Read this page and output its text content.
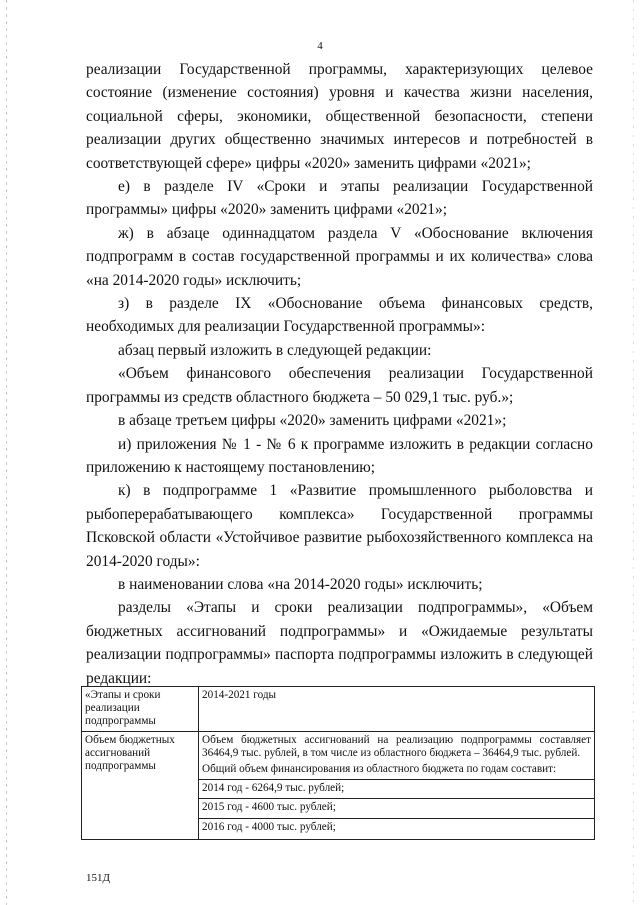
4

реализации Государственной программы, характеризующих целевое состояние (изменение состояния) уровня и качества жизни населения, социальной сферы, экономики, общественной безопасности, степени реализации других общественно значимых интересов и потребностей в соответствующей сфере» цифры «2020» заменить цифрами «2021»;

е) в разделе IV «Сроки и этапы реализации Государственной программы» цифры «2020» заменить цифрами «2021»;

ж) в абзаце одиннадцатом раздела V «Обоснование включения подпрограмм в состав государственной программы и их количества» слова «на 2014-2020 годы» исключить;

з) в разделе IX «Обоснование объема финансовых средств, необходимых для реализации Государственной программы»:

абзац первый изложить в следующей редакции:

«Объем финансового обеспечения реализации Государственной программы из средств областного бюджета – 50 029,1 тыс. руб.»;

в абзаце третьем цифры «2020» заменить цифрами «2021»;

и) приложения № 1 - № 6 к программе изложить в редакции согласно приложению к настоящему постановлению;

к) в подпрограмме 1 «Развитие промышленного рыболовства и рыбоперерабатывающего комплекса» Государственной программы Псковской области «Устойчивое развитие рыбохозяйственного комплекса на 2014-2020 годы»:

в наименовании слова «на 2014-2020 годы» исключить;

разделы «Этапы и сроки реализации подпрограммы», «Объем бюджетных ассигнований подпрограммы» и «Ожидаемые результаты реализации подпрограммы» паспорта подпрограммы изложить в следующей редакции:

«Этапы и сроки реализации подпрограммы	2014-2021 годы

Объем бюджетных ассигнований подпрограммы	Объем бюджетных ассигнований на реализацию подпрограммы составляет 36464,9 тыс. рублей, в том числе из областного бюджета – 36464,9 тыс. рублей.
Общий объем финансирования из областного бюджета по годам составит:
2014 год - 6264,9 тыс. рублей;
2015 год - 4600 тыс. рублей;
2016 год - 4000 тыс. рублей;
151Д
